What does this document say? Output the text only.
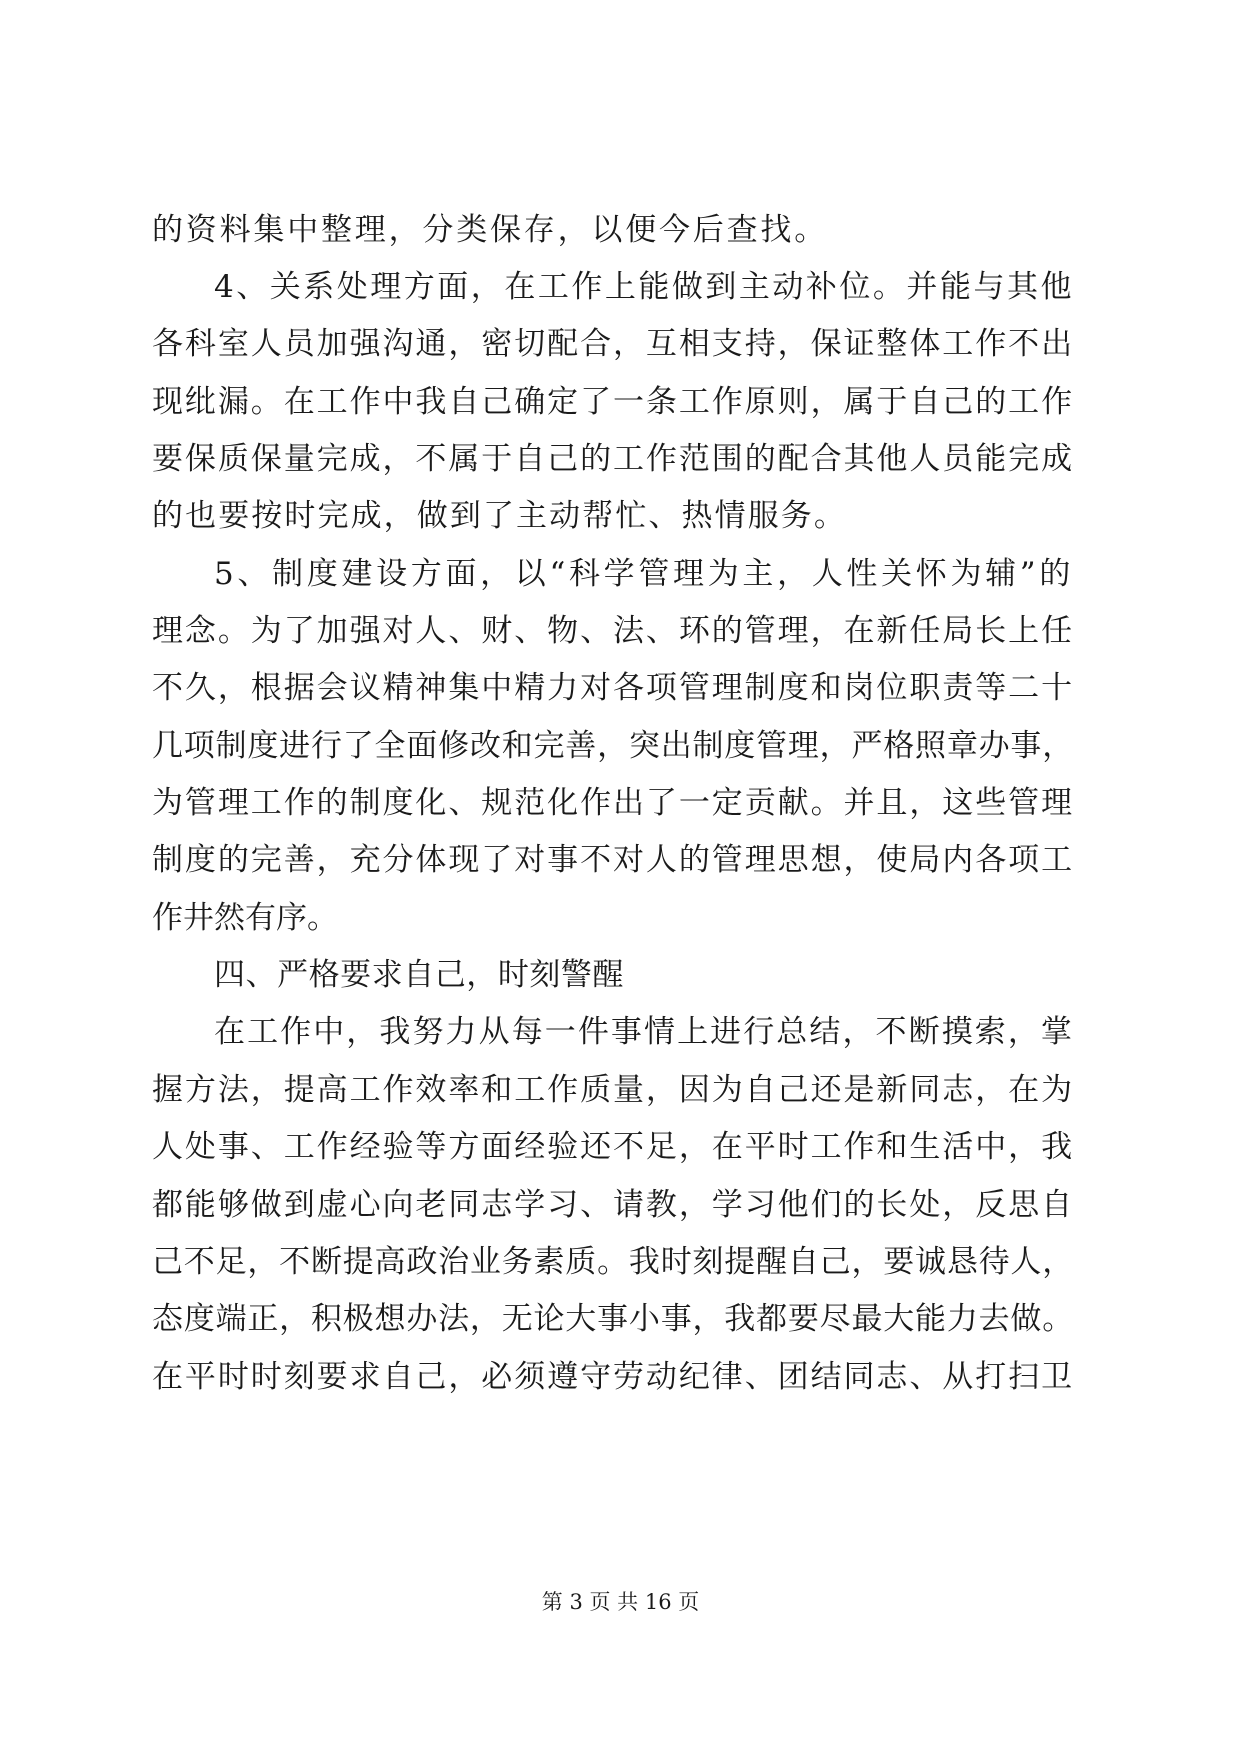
的资料集中整理，分类保存，以便今后查找。
4、关系处理方面，在工作上能做到主动补位。并能与其他
各科室人员加强沟通，密切配合，互相支持，保证整体工作不出
现纰漏。在工作中我自己确定了一条工作原则，属于自己的工作
要保质保量完成，不属于自己的工作范围的配合其他人员能完成
的也要按时完成，做到了主动帮忙、热情服务。
5、制度建设方面，以“科学管理为主，人性关怀为辅”的
理念。为了加强对人、财、物、法、环的管理，在新任局长上任
不久，根据会议精神集中精力对各项管理制度和岗位职责等二十
几项制度进行了全面修改和完善，突出制度管理，严格照章办事，
为管理工作的制度化、规范化作出了一定贡献。并且，这些管理
制度的完善，充分体现了对事不对人的管理思想，使局内各项工
作井然有序。
四、严格要求自己，时刻警醒
在工作中，我努力从每一件事情上进行总结，不断摸索，掌
握方法，提高工作效率和工作质量，因为自己还是新同志，在为
人处事、工作经验等方面经验还不足，在平时工作和生活中，我
都能够做到虚心向老同志学习、请教，学习他们的长处，反思自
己不足，不断提高政治业务素质。我时刻提醒自己，要诚恳待人，
态度端正，积极想办法，无论大事小事，我都要尽最大能力去做。
在平时时刻要求自己，必须遵守劳动纪律、团结同志、从打扫卫
第 3 页 共 16 页
